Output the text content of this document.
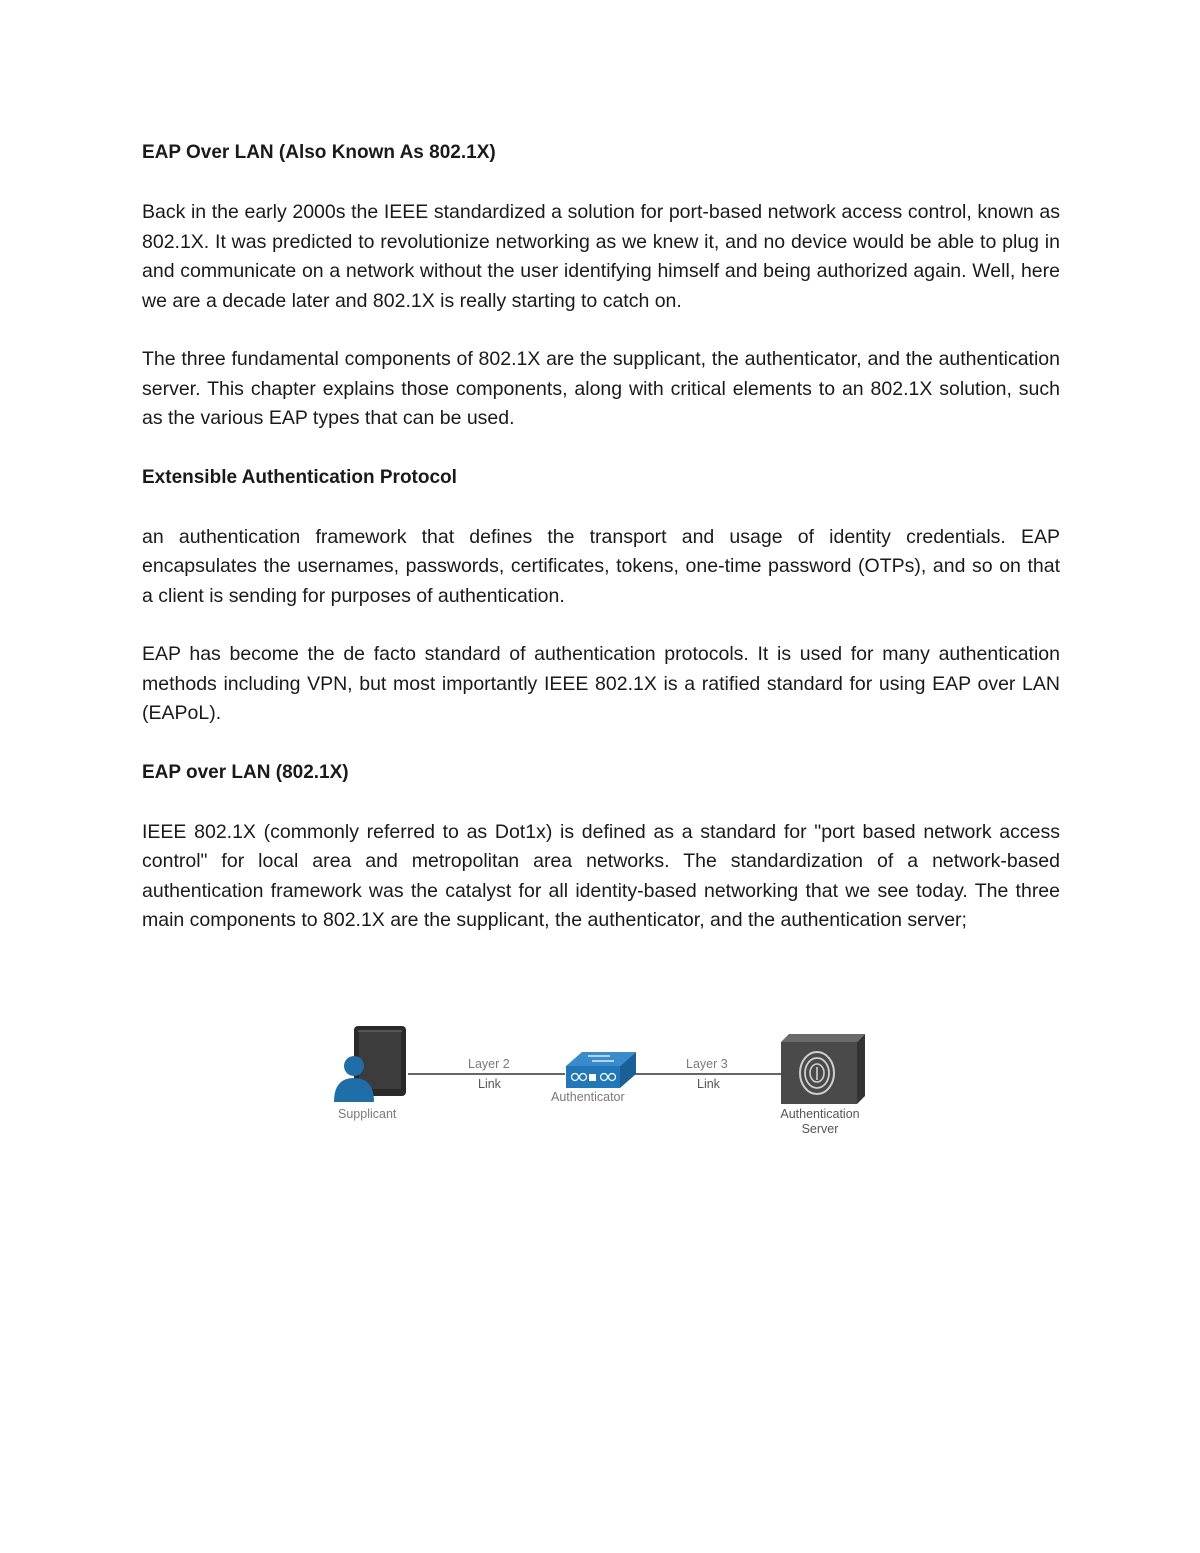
EAP Over LAN (Also Known As 802.1X)

Back in the early 2000s the IEEE standardized a solution for port-based network access control, known as 802.1X. It was predicted to revolutionize networking as we knew it, and no device would be able to plug in and communicate on a network without the user identifying himself and being authorized again. Well, here we are a decade later and 802.1X is really starting to catch on.

The three fundamental components of 802.1X are the supplicant, the authenticator, and the authentication server. This chapter explains those components, along with critical elements to an 802.1X solution, such as the various EAP types that can be used.

Extensible Authentication Protocol

an authentication framework that defines the transport and usage of identity credentials. EAP encapsulates the usernames, passwords, certificates, tokens, one-time password (OTPs), and so on that a client is sending for purposes of authentication.

EAP has become the de facto standard of authentication protocols. It is used for many authentication methods including VPN, but most importantly IEEE 802.1X is a ratified standard for using EAP over LAN (EAPoL).

EAP over LAN (802.1X)

IEEE 802.1X (commonly referred to as Dot1x) is defined as a standard for "port based network access control" for local area and metropolitan area networks. The standardization of a network-based authentication framework was the catalyst for all identity-based networking that we see today. The three main components to 802.1X are the supplicant, the authenticator, and the authentication server;

Supplicant
Layer 2
Link
Authenticator
Layer 3
Link
Authentication
Server
